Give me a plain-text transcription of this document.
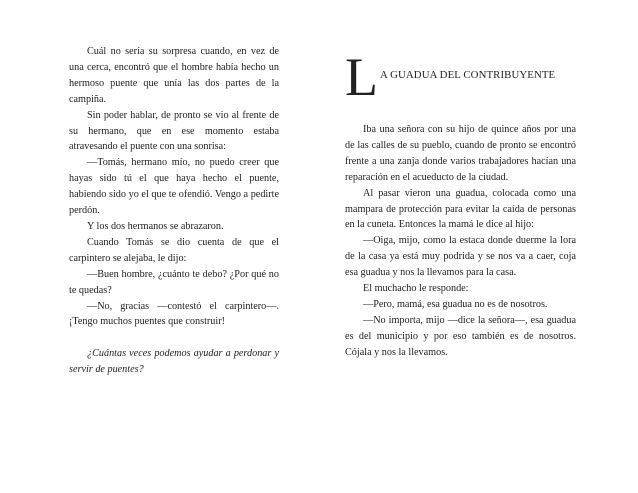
Cuál no sería su sorpresa cuando, en vez de una cerca, encontró que el hombre había hecho un hermoso puente que unía las dos partes de la campiña.

Sin poder hablar, de pronto se vio al frente de su hermano, que en ese momento estaba atravesando el puente con una sonrisa:

—Tomás, hermano mío, no puedo creer que hayas sido tú el que haya hecho el puente, habiendo sido yo el que te ofendió. Vengo a pedirte perdón.

Y los dos hermanos se abrazaron.

Cuando Tomás se dio cuenta de que el carpintero se alejaba, le dijo:

—Buen hombre, ¿cuánto te debo? ¿Por qué no te quedas?

—No, gracias —contestó el carpintero—. ¡Tengo muchos puentes que construir!

¿Cuántas veces podemos ayudar a perdonar y servir de puentes?

L A GUADUA DEL CONTRIBUYENTE

Iba una señora con su hijo de quince años por una de las calles de su pueblo, cuando de pronto se encontró frente a una zanja donde varios trabajadores hacían una reparación en el acueducto de la ciudad.

Al pasar vieron una guadua, colocada como una mampara de protección para evitar la caída de personas en la cuneta. Entonces la mamá le dice al hijo:

—Oiga, mijo, como la estaca donde duerme la lora de la casa ya está muy podrida y se nos va a caer, coja esa guadua y nos la llevamos para la casa.

El muchacho le responde:

—Pero, mamá, esa guadua no es de nosotros.

—No importa, mijo —dice la señora—, esa guadua es del municipio y por eso también es de nosotros. Cójala y nos la llevamos.
